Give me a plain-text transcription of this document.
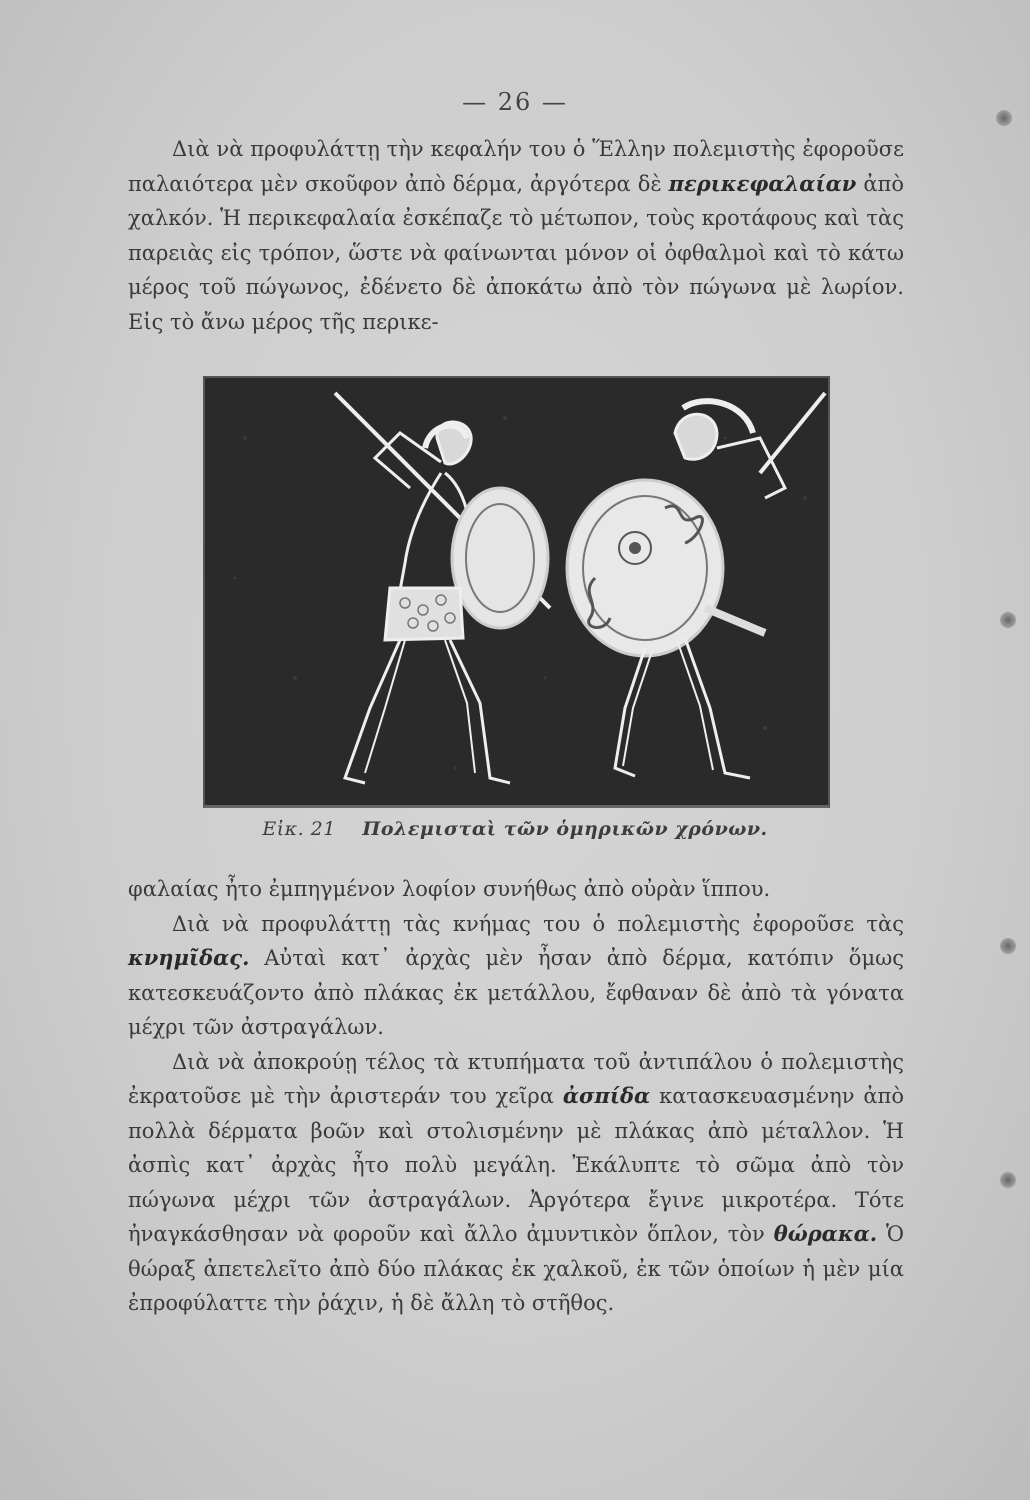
— 26 —

Διὰ νὰ προφυλάττῃ τὴν κεφαλήν του ὁ Ἕλλην πολεμιστὴς ἐφοροῦσε παλαιότερα μὲν σκοῦφον ἀπὸ δέρμα, ἀργότερα δὲ περικεφαλαίαν ἀπὸ χαλκόν. Ἡ περικεφαλαία ἐσκέπαζε τὸ μέτωπον, τοὺς κροτάφους καὶ τὰς παρειὰς εἰς τρόπον, ὥστε νὰ φαίνωνται μόνον οἱ ὀφθαλμοὶ καὶ τὸ κάτω μέρος τοῦ πώγωνος, ἐδένετο δὲ ἀποκάτω ἀπὸ τὸν πώγωνα μὲ λωρίον. Εἰς τὸ ἄνω μέρος τῆς περικε-

Εἰκ. 21 Πολεμισταὶ τῶν ὁμηρικῶν χρόνων.

φαλαίας ἦτο ἐμπηγμένον λοφίον συνήθως ἀπὸ οὐρὰν ἵππου.

Διὰ νὰ προφυλάττῃ τὰς κνήμας του ὁ πολεμιστὴς ἐφοροῦσε τὰς κνημῖδας. Αὐταὶ κατ᾿ ἀρχὰς μὲν ἦσαν ἀπὸ δέρμα, κατόπιν ὅμως κατεσκευάζοντο ἀπὸ πλάκας ἐκ μετάλλου, ἔφθαναν δὲ ἀπὸ τὰ γόνατα μέχρι τῶν ἀστραγάλων.

Διὰ νὰ ἀποκρούῃ τέλος τὰ κτυπήματα τοῦ ἀντιπάλου ὁ πολεμιστὴς ἐκρατοῦσε μὲ τὴν ἀριστεράν του χεῖρα ἀσπίδα κατασκευασμένην ἀπὸ πολλὰ δέρματα βοῶν καὶ στολισμένην μὲ πλάκας ἀπὸ μέταλλον. Ἡ ἀσπὶς κατ᾿ ἀρχὰς ἦτο πολὺ μεγάλη. Ἐκάλυπτε τὸ σῶμα ἀπὸ τὸν πώγωνα μέχρι τῶν ἀστραγάλων. Ἀργότερα ἔγινε μικροτέρα. Τότε ἠναγκάσθησαν νὰ φοροῦν καὶ ἄλλο ἀμυντικὸν ὅπλον, τὸν θώρακα. Ὁ θώραξ ἀπετελεῖτο ἀπὸ δύο πλάκας ἐκ χαλκοῦ, ἐκ τῶν ὁποίων ἡ μὲν μία ἐπροφύλαττε τὴν ῥάχιν, ἡ δὲ ἄλλη τὸ στῆθος.
